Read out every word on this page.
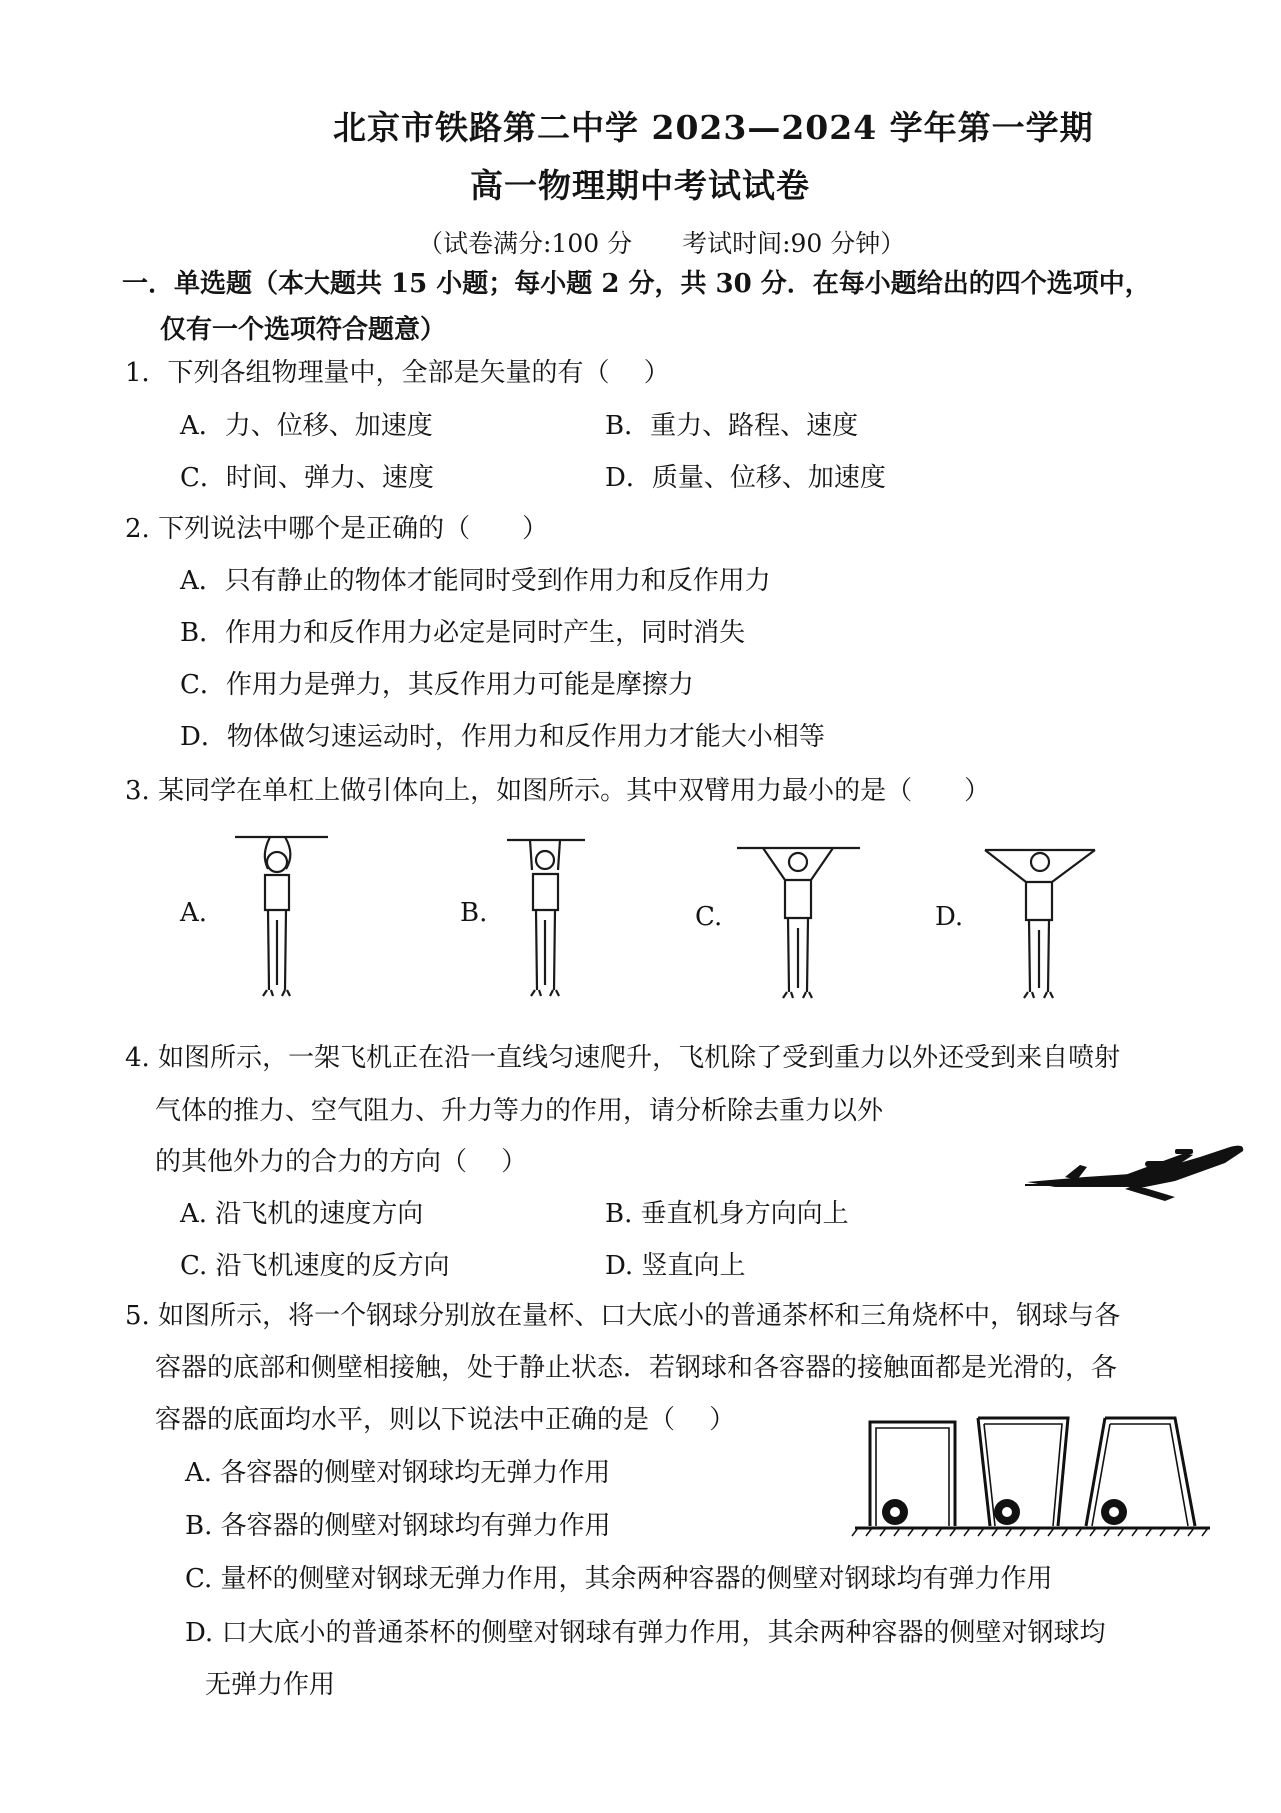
北京市铁路第二中学 2023—2024 学年第一学期
高一物理期中考试试卷
（试卷满分:100 分　　考试时间:90 分钟）
一．单选题（本大题共 15 小题；每小题 2 分，共 30 分．在每小题给出的四个选项中，
仅有一个选项符合题意）
1．下列各组物理量中，全部是矢量的有（　 ）
A．力、位移、加速度	B．重力、路程、速度
C．时间、弹力、速度	D．质量、位移、加速度
2. 下列说法中哪个是正确的（　　）
A．只有静止的物体才能同时受到作用力和反作用力
B．作用力和反作用力必定是同时产生，同时消失
C．作用力是弹力，其反作用力可能是摩擦力
D．物体做匀速运动时，作用力和反作用力才能大小相等
3. 某同学在单杠上做引体向上，如图所示。其中双臂用力最小的是（　　）
A.	B.	C.	D.
4. 如图所示，一架飞机正在沿一直线匀速爬升，飞机除了受到重力以外还受到来自喷射
气体的推力、空气阻力、升力等力的作用，请分析除去重力以外
的其他外力的合力的方向（　 ）
A. 沿飞机的速度方向	B. 垂直机身方向向上
C. 沿飞机速度的反方向	D. 竖直向上
5. 如图所示，将一个钢球分别放在量杯、口大底小的普通茶杯和三角烧杯中，钢球与各
容器的底部和侧壁相接触，处于静止状态．若钢球和各容器的接触面都是光滑的，各
容器的底面均水平，则以下说法中正确的是（　 ）
A. 各容器的侧壁对钢球均无弹力作用
B. 各容器的侧壁对钢球均有弹力作用
C. 量杯的侧壁对钢球无弹力作用，其余两种容器的侧壁对钢球均有弹力作用
D. 口大底小的普通茶杯的侧壁对钢球有弹力作用，其余两种容器的侧壁对钢球均
无弹力作用
